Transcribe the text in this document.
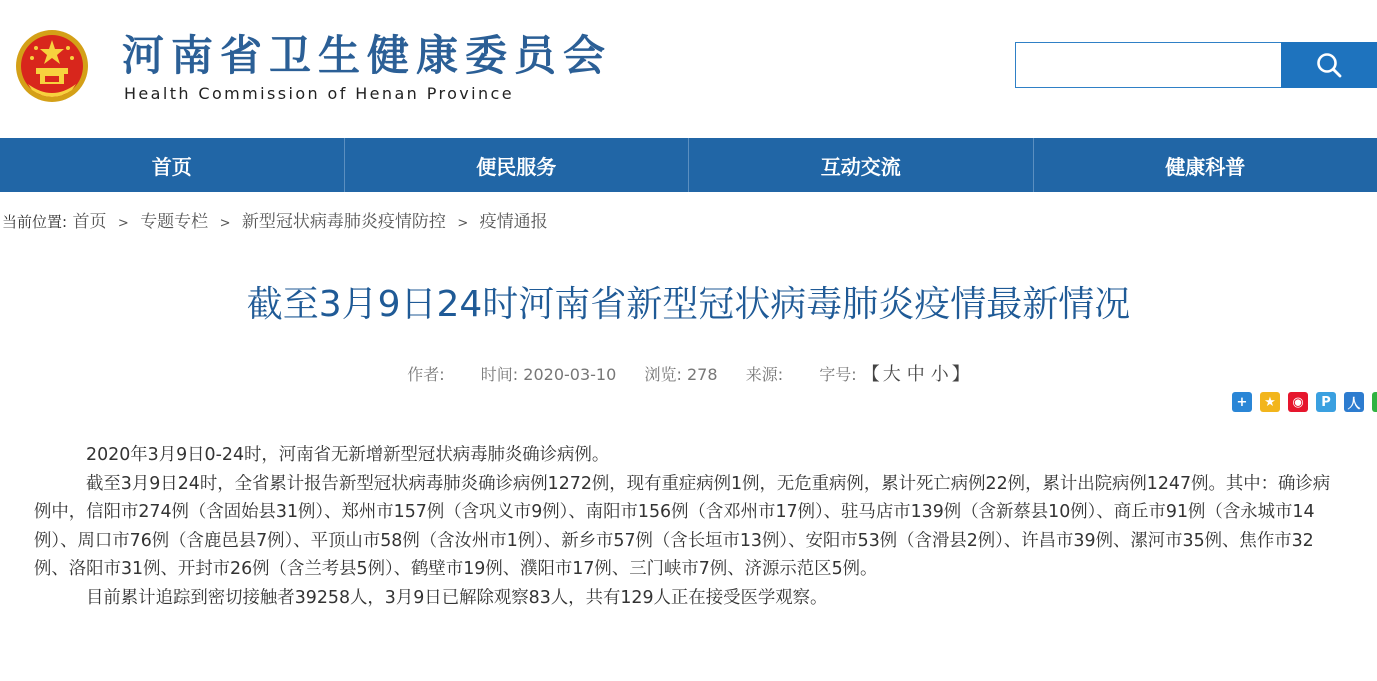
河南省卫生健康委员会
Health Commission of Henan Province
首页	便民服务	互动交流	健康科普
当前位置: 首页 > 专题专栏 > 新型冠状病毒肺炎疫情防控 > 疫情通报
截至3月9日24时河南省新型冠状病毒肺炎疫情最新情况
作者: 时间: 2020-03-10 浏览: 278 来源: 字号: 【 大 中 小 】
+	★	◉	P	人

2020年3月9日0-24时，河南省无新增新型冠状病毒肺炎确诊病例。

截至3月9日24时，全省累计报告新型冠状病毒肺炎确诊病例1272例，现有重症病例1例，无危重病例，累计死亡病例22例，累计出院病例1247例。其中：确诊病例中，信阳市274例（含固始县31例）、郑州市157例（含巩义市9例）、南阳市156例（含邓州市17例）、驻马店市139例（含新蔡县10例）、商丘市91例（含永城市14例）、周口市76例（含鹿邑县7例）、平顶山市58例（含汝州市1例）、新乡市57例（含长垣市13例）、安阳市53例（含滑县2例）、许昌市39例、漯河市35例、焦作市32例、洛阳市31例、开封市26例（含兰考县5例）、鹤壁市19例、濮阳市17例、三门峡市7例、济源示范区5例。

目前累计追踪到密切接触者39258人，3月9日已解除观察83人，共有129人正在接受医学观察。
